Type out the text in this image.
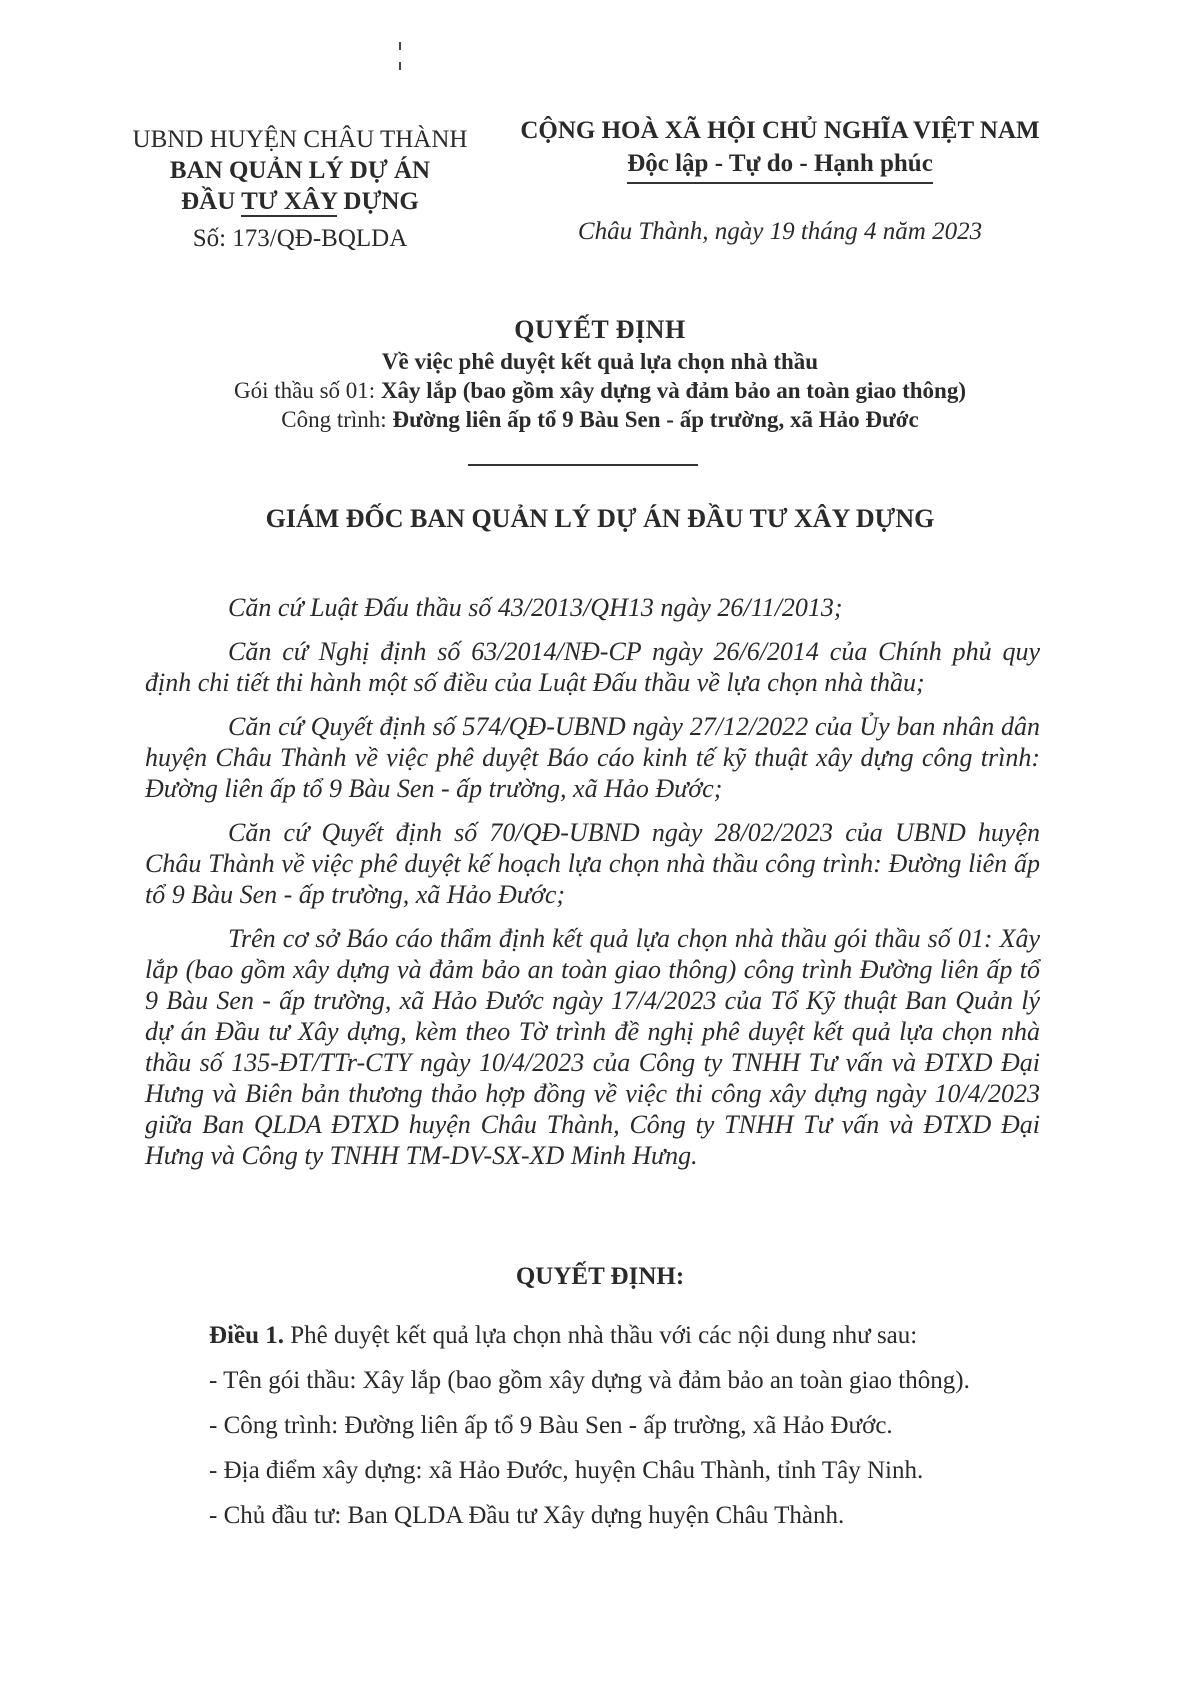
UBND HUYỆN CHÂU THÀNH
BAN QUẢN LÝ DỰ ÁN
ĐẦU TƯ XÂY DỰNG
Số: 173/QĐ-BQLDA
CỘNG HOÀ XÃ HỘI CHỦ NGHĨA VIỆT NAM
Độc lập - Tự do - Hạnh phúc
Châu Thành, ngày 19 tháng 4 năm 2023
QUYẾT ĐỊNH
Về việc phê duyệt kết quả lựa chọn nhà thầu
Gói thầu số 01: Xây lắp (bao gồm xây dựng và đảm bảo an toàn giao thông)
Công trình: Đường liên ấp tổ 9 Bàu Sen - ấp trường, xã Hảo Đước
GIÁM ĐỐC BAN QUẢN LÝ DỰ ÁN ĐẦU TƯ XÂY DỰNG

Căn cứ Luật Đấu thầu số 43/2013/QH13 ngày 26/11/2013;

Căn cứ Nghị định số 63/2014/NĐ-CP ngày 26/6/2014 của Chính phủ quy định chi tiết thi hành một số điều của Luật Đấu thầu về lựa chọn nhà thầu;

Căn cứ Quyết định số 574/QĐ-UBND ngày 27/12/2022 của Ủy ban nhân dân huyện Châu Thành về việc phê duyệt Báo cáo kinh tế kỹ thuật xây dựng công trình: Đường liên ấp tổ 9 Bàu Sen - ấp trường, xã Hảo Đước;

Căn cứ Quyết định số 70/QĐ-UBND ngày 28/02/2023 của UBND huyện Châu Thành về việc phê duyệt kế hoạch lựa chọn nhà thầu công trình: Đường liên ấp tổ 9 Bàu Sen - ấp trường, xã Hảo Đước;

Trên cơ sở Báo cáo thẩm định kết quả lựa chọn nhà thầu gói thầu số 01: Xây lắp (bao gồm xây dựng và đảm bảo an toàn giao thông) công trình Đường liên ấp tổ 9 Bàu Sen - ấp trường, xã Hảo Đước ngày 17/4/2023 của Tổ Kỹ thuật Ban Quản lý dự án Đầu tư Xây dựng, kèm theo Tờ trình đề nghị phê duyệt kết quả lựa chọn nhà thầu số 135-ĐT/TTr-CTY ngày 10/4/2023 của Công ty TNHH Tư vấn và ĐTXD Đại Hưng và Biên bản thương thảo hợp đồng về việc thi công xây dựng ngày 10/4/2023 giữa Ban QLDA ĐTXD huyện Châu Thành, Công ty TNHH Tư vấn và ĐTXD Đại Hưng và Công ty TNHH TM-DV-SX-XD Minh Hưng.

QUYẾT ĐỊNH:

Điều 1. Phê duyệt kết quả lựa chọn nhà thầu với các nội dung như sau:

- Tên gói thầu: Xây lắp (bao gồm xây dựng và đảm bảo an toàn giao thông).

- Công trình: Đường liên ấp tổ 9 Bàu Sen - ấp trường, xã Hảo Đước.

- Địa điểm xây dựng: xã Hảo Đước, huyện Châu Thành, tỉnh Tây Ninh.

- Chủ đầu tư: Ban QLDA Đầu tư Xây dựng huyện Châu Thành.
